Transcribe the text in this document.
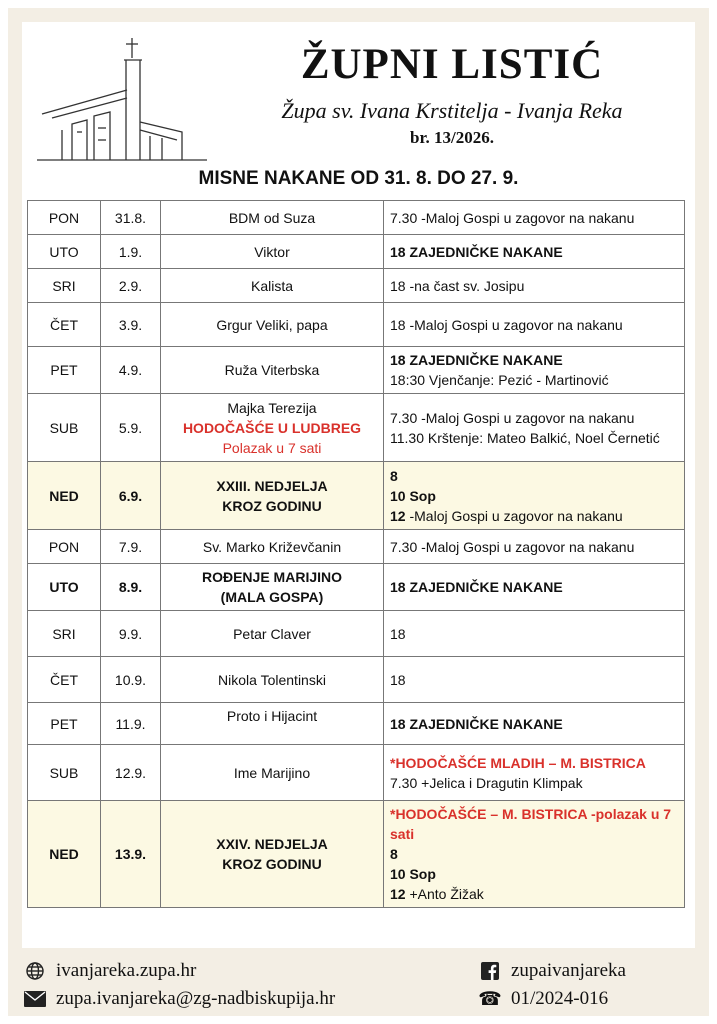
ŽUPNI LISTIĆ
Župa sv. Ivana Krstitelja - Ivanja Reka
br. 13/2026.
MISNE NAKANE OD 31. 8. DO 27. 9.
PON	31.8.	BDM od Suza	7.30 -Maloj Gospi u zagovor na nakanu

UTO	1.9.	Viktor	18 ZAJEDNIČKE NAKANE

SRI	2.9.	Kalista	18 -na čast sv. Josipu

ČET	3.9.	Grgur Veliki, papa	18 -Maloj Gospi u zagovor na nakanu

PET	4.9.	Ruža Viterbska	18 ZAJEDNIČKE NAKANE
18:30 Vjenčanje: Pezić - Martinović

SUB	5.9.	Majka Terezija
HODOČAŠĆE U LUDBREG
Polazak u 7 sati	7.30 -Maloj Gospi u zagovor na nakanu
11.30 Krštenje: Mateo Balkić, Noel Černetić

NED	6.9.	XXIII. NEDJELJA
KROZ GODINU	8
10 Sop
12 -Maloj Gospi u zagovor na nakanu

PON	7.9.	Sv. Marko Križevčanin	7.30 -Maloj Gospi u zagovor na nakanu

UTO	8.9.	ROĐENJE MARIJINO
(MALA GOSPA)	18 ZAJEDNIČKE NAKANE

SRI	9.9.	Petar Claver	18

ČET	10.9.	Nikola Tolentinski	18

PET	11.9.	Proto i Hijacint	18 ZAJEDNIČKE NAKANE

SUB	12.9.	Ime Marijino	*HODOČAŠĆE MLADIH – M. BISTRICA
7.30 +Jelica i Dragutin Klimpak

NED	13.9.	XXIV. NEDJELJA
KROZ GODINU	*HODOČAŠĆE – M. BISTRICA -polazak u 7 sati
8
10 Sop
12 +Anto Žižak
ivanjareka.zupa.hr
zupa.ivanjareka@zg-nadbiskupija.hr
zupaivanjareka
☎ 01/2024-016
